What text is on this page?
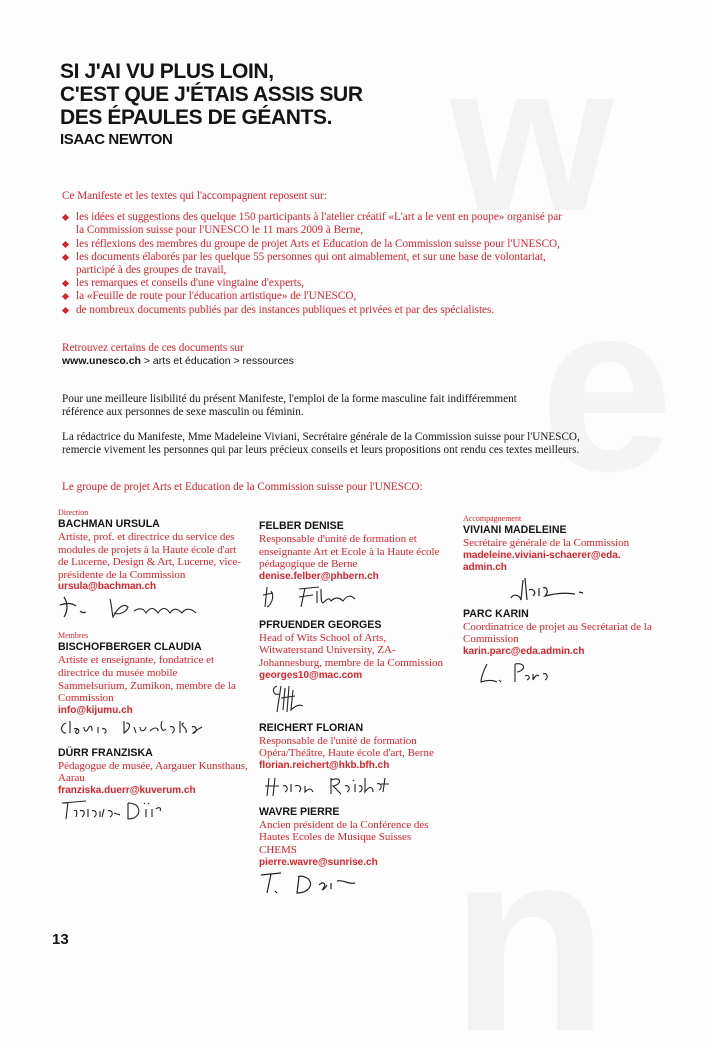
w
e
n
SI J'AI VU PLUS LOIN,
C'EST QUE J'ÉTAIS ASSIS SUR
DES ÉPAULES DE GÉANTS.
ISAAC NEWTON

Ce Manifeste et les textes qui l'accompagnent reposent sur:

les idées et suggestions des quelque 150 participants à l'atelier créatif «L'art a le vent en poupe» organisé par la Commission suisse pour l'UNESCO le 11 mars 2009 à Berne,
les réflexions des membres du groupe de projet Arts et Education de la Commission suisse pour l'UNESCO,
les documents élaborés par les quelque 55 personnes qui ont aimablement, et sur une base de volontariat, participé à des groupes de travail,
les remarques et conseils d'une vingtaine d'experts,
la «Feuille de route pour l'éducation artistique» de l'UNESCO,
de nombreux documents publiés par des instances publiques et privées et par des spécialistes.

Retrouvez certains de ces documents sur

www.unesco.ch > arts et éducation > ressources

Pour une meilleure lisibilité du présent Manifeste, l'emploi de la forme masculine fait indifféremment référence aux personnes de sexe masculin ou féminin.

La rédactrice du Manifeste, Mme Madeleine Viviani, Secrétaire générale de la Commission suisse pour l'UNESCO, remercie vivement les personnes qui par leurs précieux conseils et leurs propositions ont rendu ces textes meilleurs.

Le groupe de projet Arts et Education de la Commission suisse pour l'UNESCO:

Direction
BACHMAN URSULA
Artiste, prof. et directrice du service des modules de projets à la Haute école d'art de Lucerne, Design & Art, Lucerne, vice-présidente de la Commission
ursula@bachman.ch
Membres
BISCHOFBERGER CLAUDIA
Artiste et enseignante, fondatrice et directrice du musée mobile Sammelsurium, Zumikon, membre de la Commission
info@kijumu.ch
DÜRR FRANZISKA
Pédagogue de musée, Aargauer Kunsthaus, Aarau
franziska.duerr@kuverum.ch
FELBER DENISE
Responsable d'unité de formation et enseignante Art et Ecole à la Haute école pédagogique de Berne
denise.felber@phbern.ch
PFRUENDER GEORGES
Head of Wits School of Arts, Witwatersrand University, ZA-Johannesburg, membre de la Commission
georges10@mac.com
REICHERT FLORIAN
Responsable de l'unité de formation Opéra/Théâtre, Haute école d'art, Berne
florian.reichert@hkb.bfh.ch
WAVRE PIERRE
Ancien président de la Conférence des Hautes Ecoles de Musique Suisses CHEMS
pierre.wavre@sunrise.ch
Accompagnement
VIVIANI MADELEINE
Secrétaire générale de la Commission
madeleine.viviani-schaerer@eda.
admin.ch
PARC KARIN
Coordinatrice de projet au Secrétariat de la Commission
karin.parc@eda.admin.ch
13
